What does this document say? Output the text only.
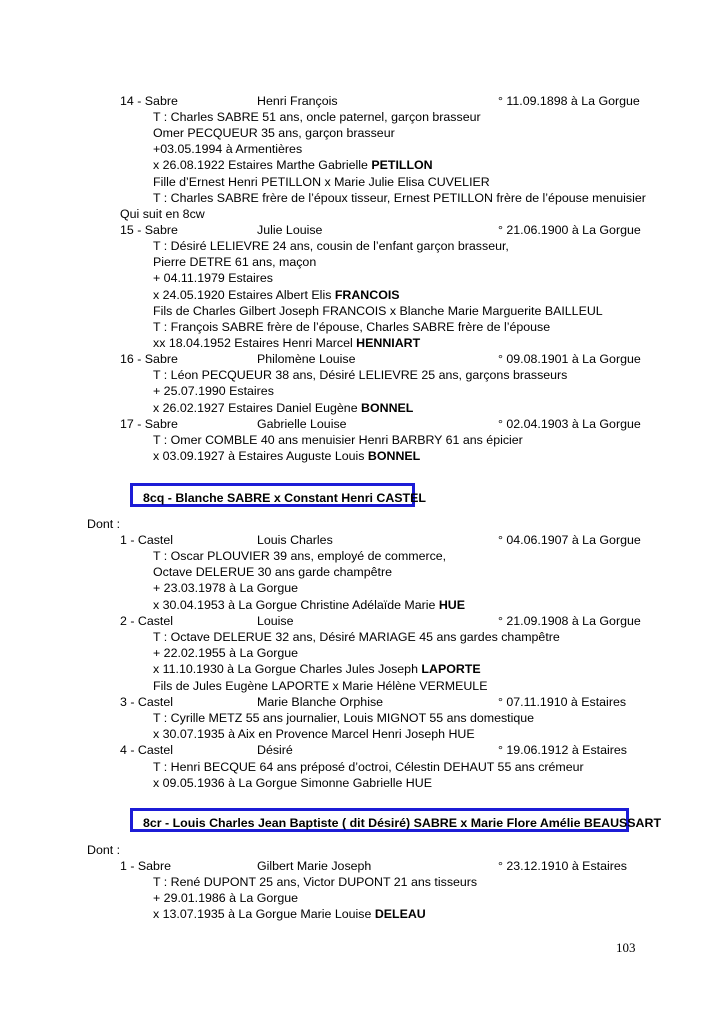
14 - Sabre	Henri François	° 11.09.1898 à La Gorgue
T : Charles SABRE 51 ans, oncle paternel, garçon brasseur
Omer PECQUEUR 35 ans, garçon brasseur
+03.05.1994 à Armentières
x 26.08.1922 Estaires Marthe Gabrielle PETILLON
Fille d’Ernest Henri PETILLON x Marie Julie Elisa CUVELIER
T : Charles SABRE frère de l’époux tisseur, Ernest PETILLON frère de l’épouse menuisier
Qui suit en 8cw
15 - Sabre	Julie Louise	° 21.06.1900 à La Gorgue
T : Désiré LELIEVRE 24 ans, cousin de l’enfant garçon brasseur,
Pierre DETRE 61 ans, maçon
+ 04.11.1979 Estaires
x 24.05.1920 Estaires Albert Elis FRANCOIS
Fils de Charles Gilbert Joseph FRANCOIS x Blanche Marie Marguerite BAILLEUL
T : François SABRE frère de l’épouse, Charles SABRE frère de l’épouse
xx 18.04.1952 Estaires Henri Marcel HENNIART
16 - Sabre	Philomène Louise	° 09.08.1901 à La Gorgue
T : Léon PECQUEUR 38 ans, Désiré LELIEVRE 25 ans, garçons brasseurs
+ 25.07.1990 Estaires
x 26.02.1927 Estaires Daniel Eugène BONNEL
17 - Sabre	Gabrielle Louise	° 02.04.1903 à La Gorgue
T : Omer COMBLE 40 ans menuisier Henri BARBRY 61 ans épicier
x 03.09.1927 à Estaires Auguste Louis BONNEL
8cq - Blanche SABRE x Constant Henri CASTEL
Dont :
1 - Castel	Louis Charles	° 04.06.1907 à La Gorgue
T : Oscar PLOUVIER 39 ans, employé de commerce,
Octave DELERUE 30 ans garde champêtre
+ 23.03.1978 à La Gorgue
x 30.04.1953 à La Gorgue Christine Adélaïde Marie HUE
2 - Castel	Louise	° 21.09.1908 à La Gorgue
T : Octave DELERUE 32 ans, Désiré MARIAGE 45 ans gardes champêtre
+ 22.02.1955 à La Gorgue
x 11.10.1930 à La Gorgue Charles Jules Joseph LAPORTE
Fils de Jules Eugène LAPORTE x Marie Hélène VERMEULE
3 - Castel	Marie Blanche Orphise	° 07.11.1910 à Estaires
T : Cyrille METZ 55 ans journalier, Louis MIGNOT 55 ans domestique
x 30.07.1935 à Aix en Provence Marcel Henri Joseph HUE
4 - Castel	Désiré	° 19.06.1912 à Estaires
T : Henri BECQUE 64 ans préposé d’octroi, Célestin DEHAUT 55 ans crémeur
x 09.05.1936 à La Gorgue Simonne Gabrielle HUE
8cr - Louis Charles Jean Baptiste ( dit Désiré) SABRE x Marie Flore Amélie BEAUSSART
Dont :
1 - Sabre	Gilbert Marie Joseph	° 23.12.1910 à Estaires
T : René DUPONT 25 ans, Victor DUPONT 21 ans tisseurs
+ 29.01.1986 à La Gorgue
x 13.07.1935 à La Gorgue Marie Louise DELEAU
103
